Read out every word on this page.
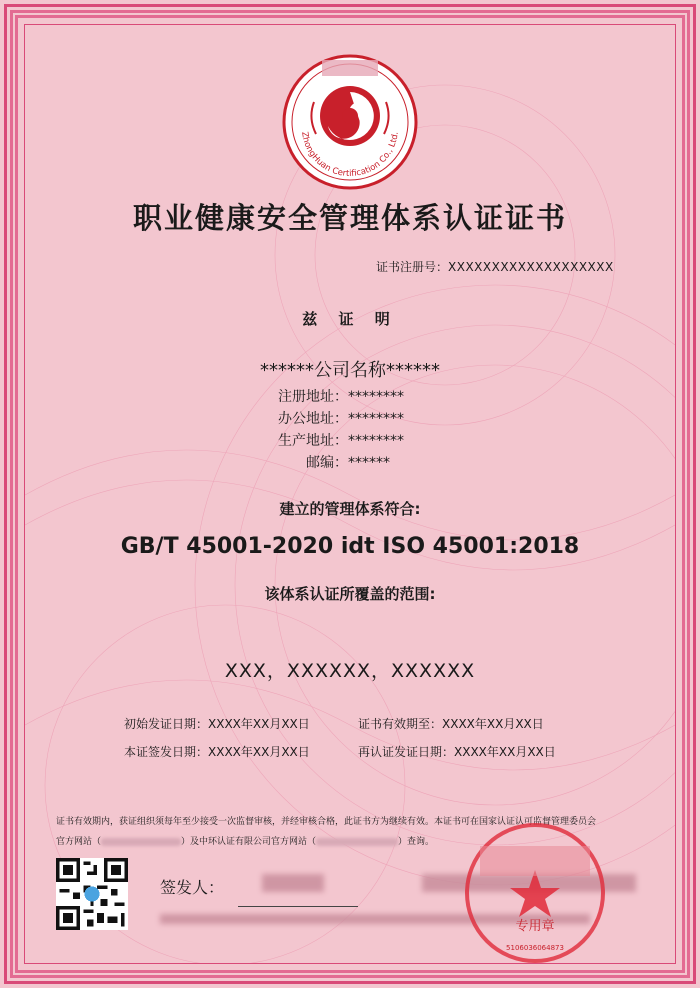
ZhongHuan Certification Co., Ltd.
职业健康安全管理体系认证证书
证书注册号：XXXXXXXXXXXXXXXXXXX
兹 证 明
******公司名称******
注册地址： ********
办公地址： ********
生产地址： ********
邮编： ******
建立的管理体系符合:
GB/T 45001-2020 idt ISO 45001:2018
该体系认证所覆盖的范围:
XXX，XXXXXX，XXXXXX
初始发证日期：XXXX年XX月XX日
本证签发日期：XXXX年XX月XX日
证书有效期至：XXXX年XX月XX日
再认证发证日期：XXXX年XX月XX日
证书有效期内，获证组织须每年至少接受一次监督审核，并经审核合格，此证书方为继续有效。本证书可在国家认证认可监督管理委员会
官方网站（	）及中环认证有限公司官方网站（	）查询。
签发人：
专用章
5106036064873
